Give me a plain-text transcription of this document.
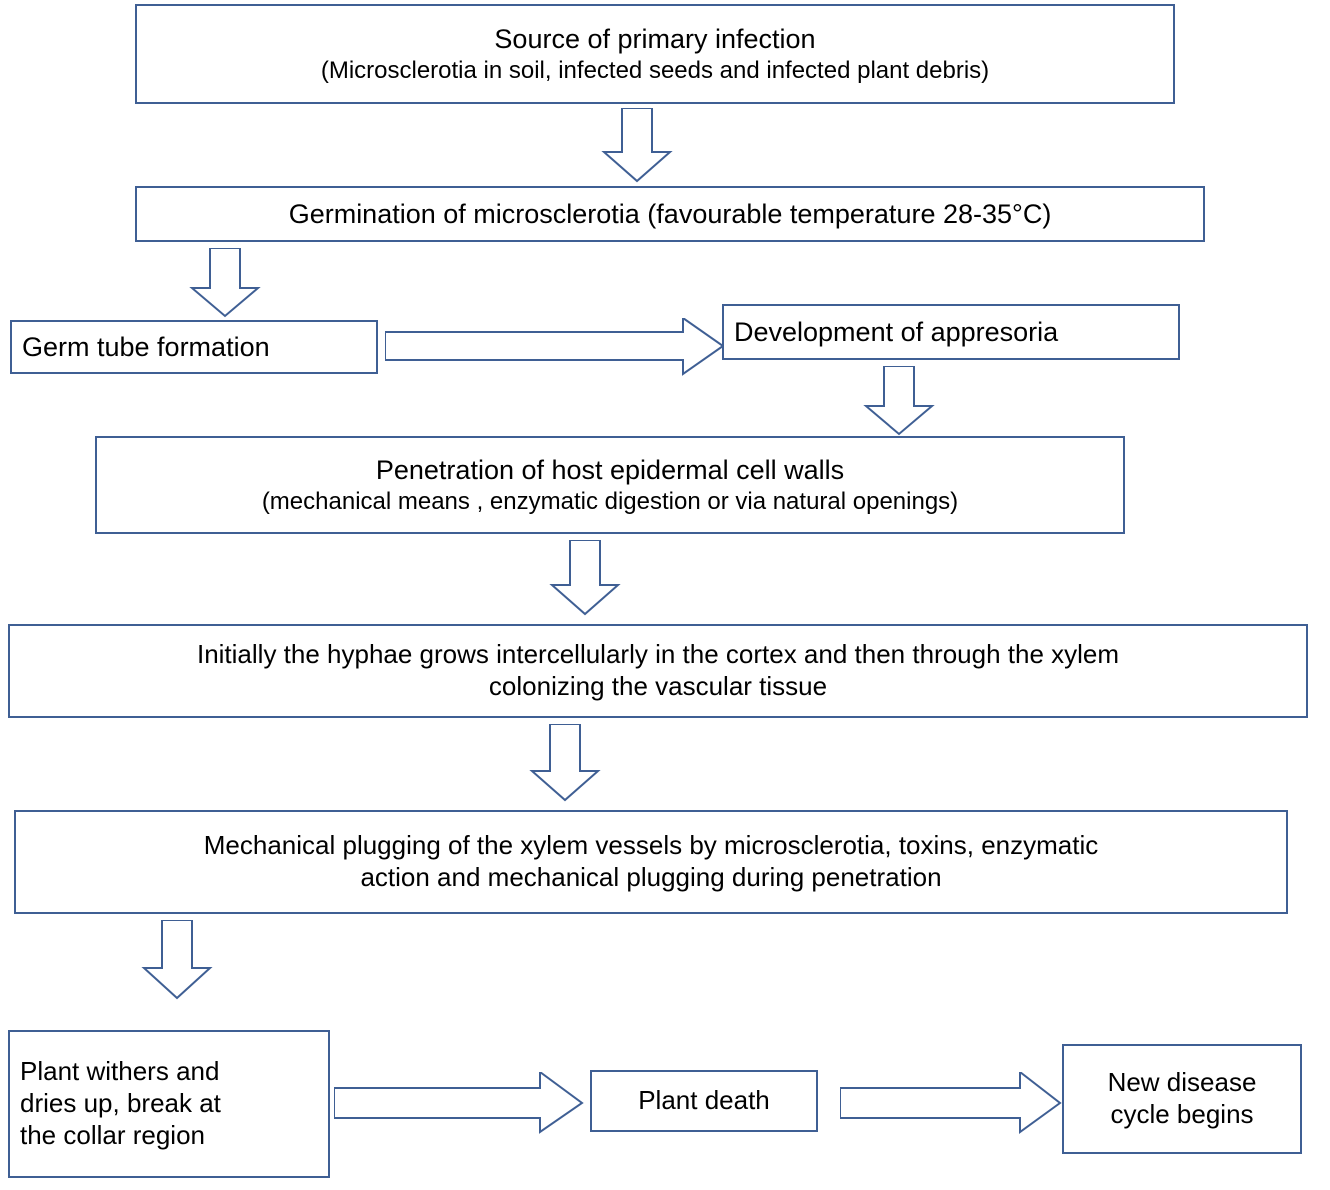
Source of primary infection
(Microsclerotia in soil, infected seeds and infected plant debris)
Germination of microsclerotia (favourable temperature 28-35°C)
Germ tube formation	Development of appresoria
Penetration of host epidermal cell walls
(mechanical means , enzymatic digestion or via natural openings)
Initially the hyphae grows intercellularly in the cortex and then through the xylem
colonizing the vascular tissue
Mechanical plugging of the xylem vessels by microsclerotia, toxins, enzymatic
action and mechanical plugging during penetration
Plant withers and
dries up, break at
the collar region
Plant death
New disease
cycle begins
